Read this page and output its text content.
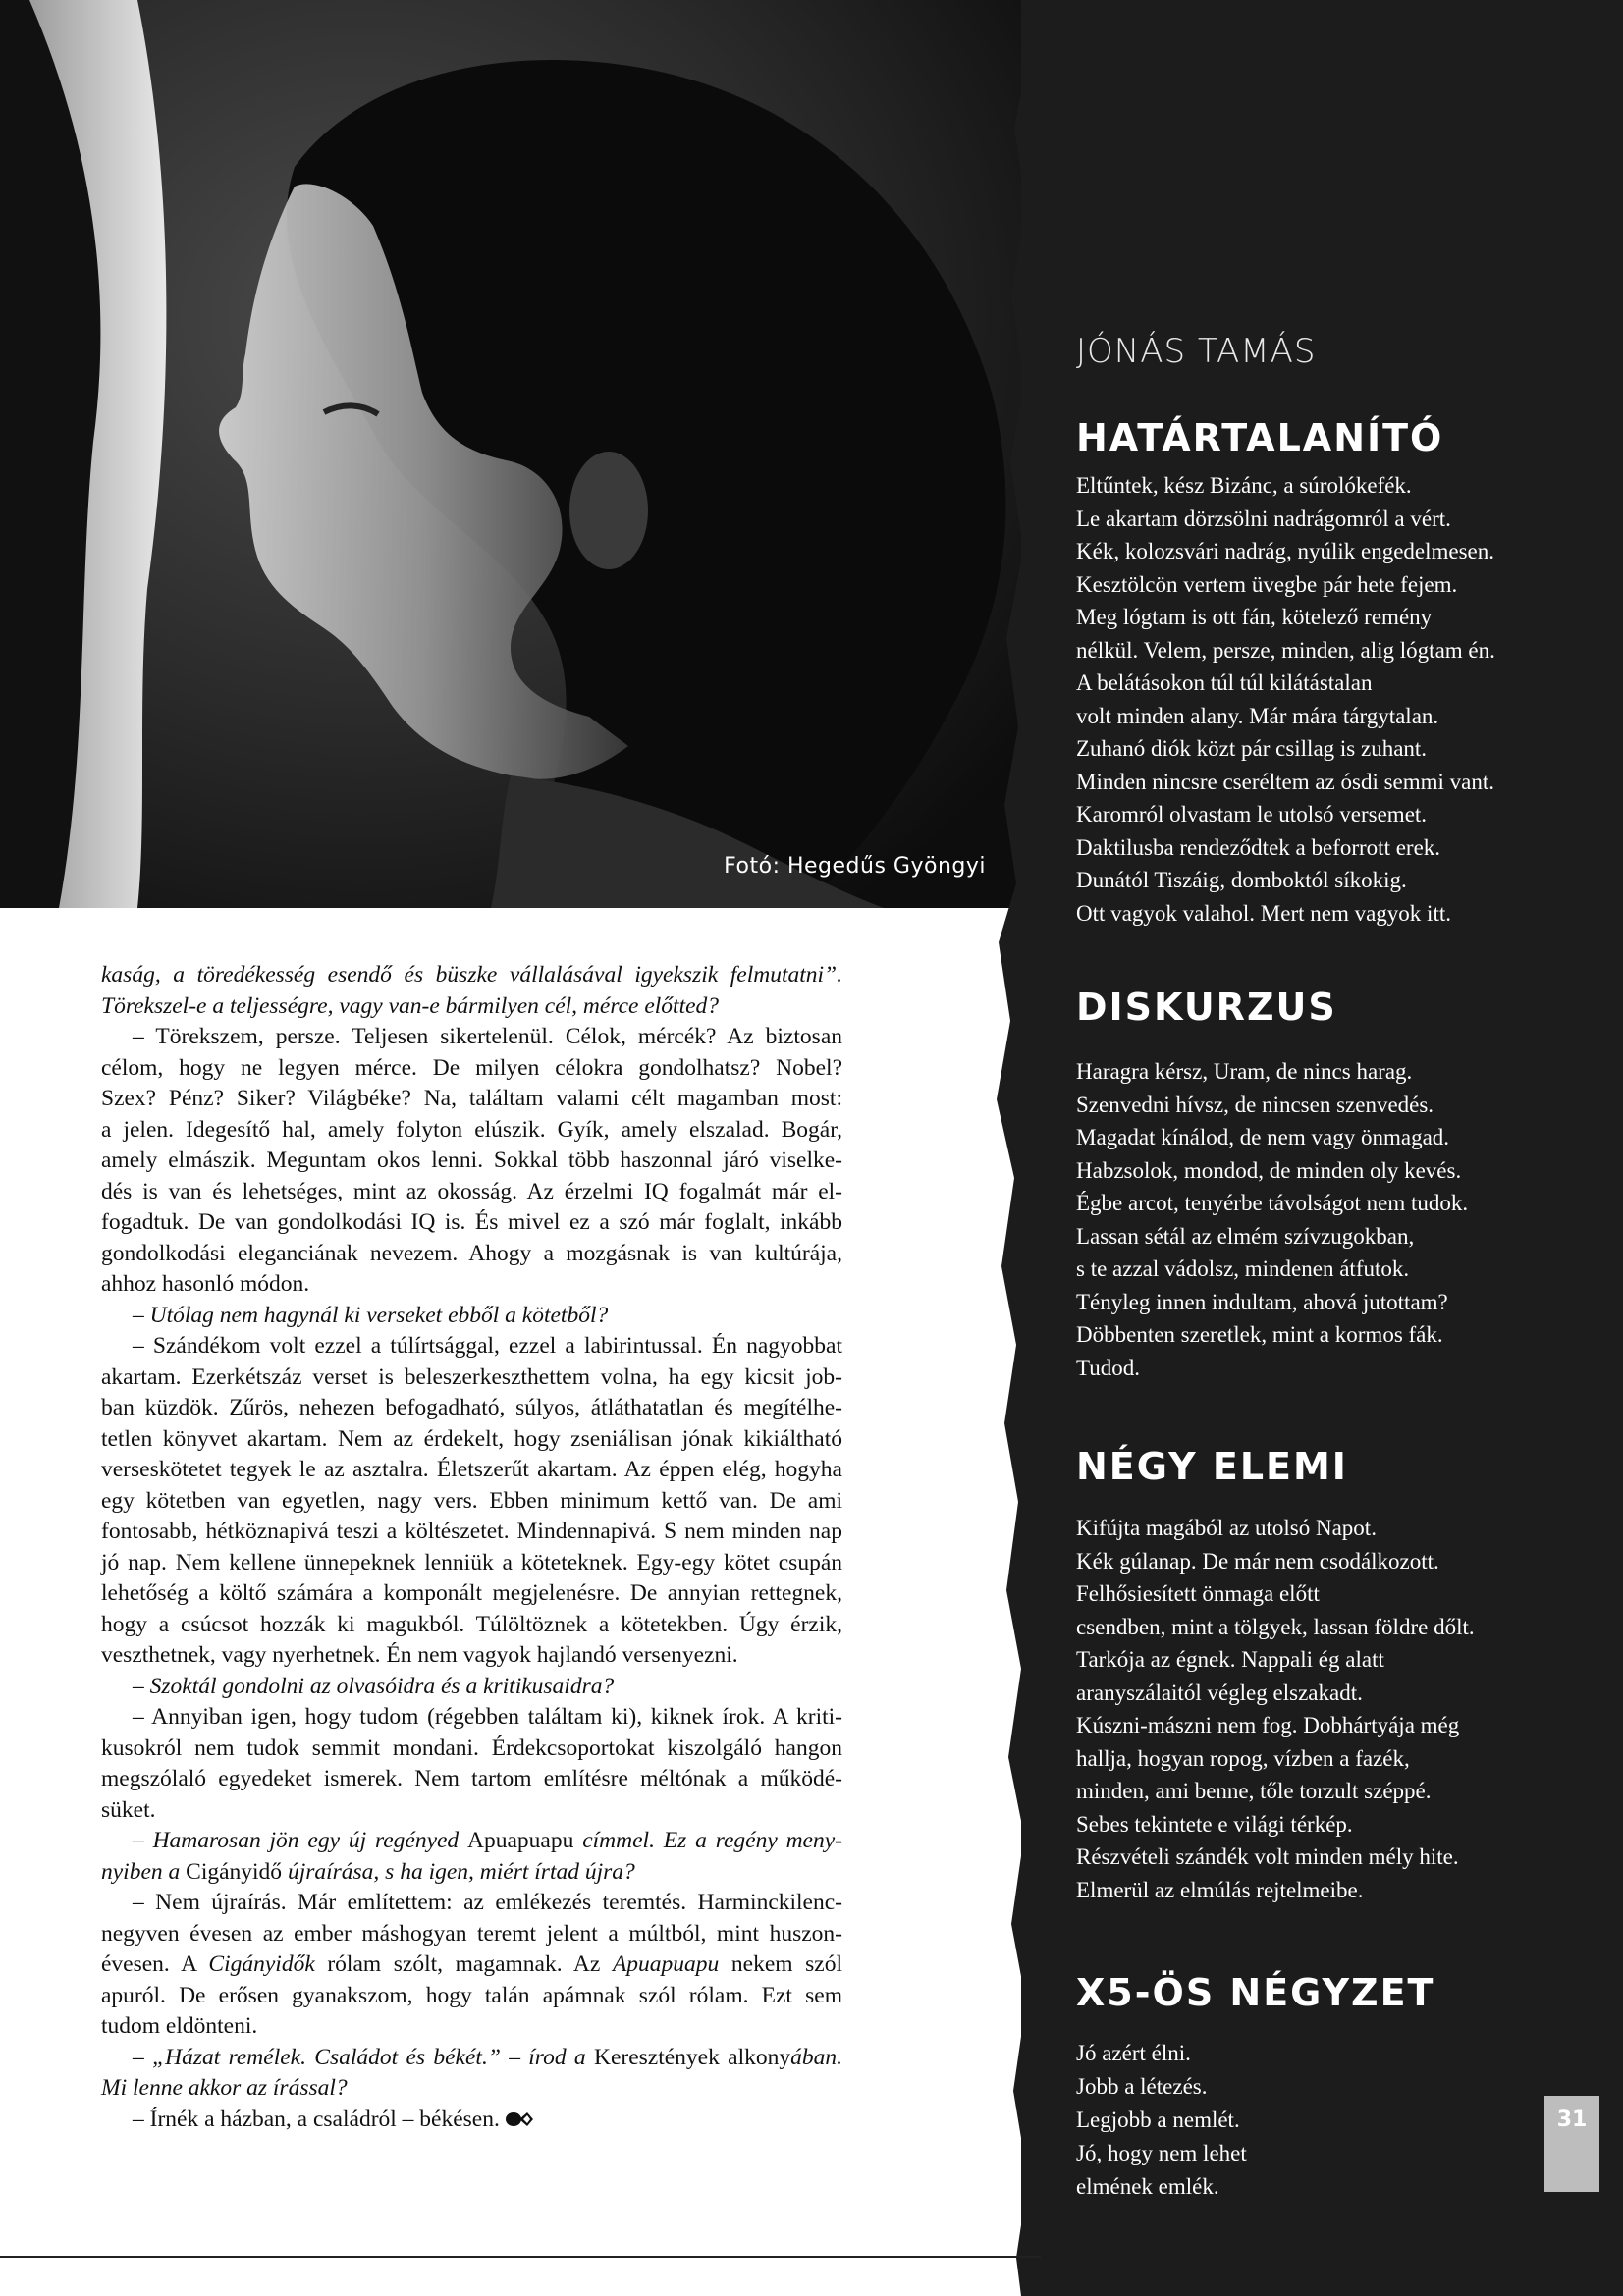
Fotó: Hegedűs Gyöngyi
JÓNÁS TAMÁS
HATÁRTALANÍTÓ
Eltűntek, kész Bizánc, a súrolókefék.
Le akartam dörzsölni nadrágomról a vért.
Kék, kolozsvári nadrág, nyúlik engedelmesen.
Kesztölcön vertem üvegbe pár hete fejem.
Meg lógtam is ott fán, kötelező remény
nélkül. Velem, persze, minden, alig lógtam én.
A belátásokon túl túl kilátástalan
volt minden alany. Már mára tárgytalan.
Zuhanó diók közt pár csillag is zuhant.
Minden nincsre cseréltem az ósdi semmi vant.
Karomról olvastam le utolsó versemet.
Daktilusba rendeződtek a beforrott erek.
Dunától Tiszáig, domboktól síkokig.
Ott vagyok valahol. Mert nem vagyok itt.
DISKURZUS
Haragra kérsz, Uram, de nincs harag.
Szenvedni hívsz, de nincsen szenvedés.
Magadat kínálod, de nem vagy önmagad.
Habzsolok, mondod, de minden oly kevés.
Égbe arcot, tenyérbe távolságot nem tudok.
Lassan sétál az elmém szívzugokban,
s te azzal vádolsz, mindenen átfutok.
Tényleg innen indultam, ahová jutottam?
Döbbenten szeretlek, mint a kormos fák.
Tudod.
NÉGY ELEMI
Kifújta magából az utolsó Napot.
Kék gúlanap. De már nem csodálkozott.
Felhősiesített önmaga előtt
csendben, mint a tölgyek, lassan földre dőlt.
Tarkója az égnek. Nappali ég alatt
aranyszálaitól végleg elszakadt.
Kúszni-mászni nem fog. Dobhártyája még
hallja, hogyan ropog, vízben a fazék,
minden, ami benne, tőle torzult széppé.
Sebes tekintete e világi térkép.
Részvételi szándék volt minden mély hite.
Elmerül az elmúlás rejtelmeibe.
X5-ÖS NÉGYZET
Jó azért élni.
Jobb a létezés.
Legjobb a nemlét.
Jó, hogy nem lehet
elmének emlék.
31
kaság, a töredékesség esendő és büszke vállalásával igyekszik felmutatni”.
Törekszel-e a teljességre, vagy van-e bármilyen cél, mérce előtted?
– Törekszem, persze. Teljesen sikertelenül. Célok, mércék? Az biztosan
célom, hogy ne legyen mérce. De milyen célokra gondolhatsz? Nobel?
Szex? Pénz? Siker? Világbéke? Na, találtam valami célt magamban most:
a jelen. Idegesítő hal, amely folyton elúszik. Gyík, amely elszalad. Bogár,
amely elmászik. Meguntam okos lenni. Sokkal több haszonnal járó viselke-
dés is van és lehetséges, mint az okosság. Az érzelmi IQ fogalmát már el-
fogadtuk. De van gondolkodási IQ is. És mivel ez a szó már foglalt, inkább
gondolkodási eleganciának nevezem. Ahogy a mozgásnak is van kultúrája,
ahhoz hasonló módon.
– Utólag nem hagynál ki verseket ebből a kötetből?
– Szándékom volt ezzel a túlírtsággal, ezzel a labirintussal. Én nagyobbat
akartam. Ezerkétszáz verset is beleszerkeszthettem volna, ha egy kicsit job-
ban küzdök. Zűrös, nehezen befogadható, súlyos, átláthatatlan és megítélhe-
tetlen könyvet akartam. Nem az érdekelt, hogy zseniálisan jónak kikiáltható
verseskötetet tegyek le az asztalra. Életszerűt akartam. Az éppen elég, hogyha
egy kötetben van egyetlen, nagy vers. Ebben minimum kettő van. De ami
fontosabb, hétköznapivá teszi a költészetet. Mindennapivá. S nem minden nap
jó nap. Nem kellene ünnepeknek lenniük a köteteknek. Egy-egy kötet csupán
lehetőség a költő számára a komponált megjelenésre. De annyian rettegnek,
hogy a csúcsot hozzák ki magukból. Túlöltöznek a kötetekben. Úgy érzik,
veszthetnek, vagy nyerhetnek. Én nem vagyok hajlandó versenyezni.
– Szoktál gondolni az olvasóidra és a kritikusaidra?
– Annyiban igen, hogy tudom (régebben találtam ki), kiknek írok. A kriti-
kusokról nem tudok semmit mondani. Érdekcsoportokat kiszolgáló hangon
megszólaló egyedeket ismerek. Nem tartom említésre méltónak a működé-
süket.
– Hamarosan jön egy új regényed Apuapuapu címmel. Ez a regény meny-
nyiben a Cigányidő újraírása, s ha igen, miért írtad újra?
– Nem újraírás. Már említettem: az emlékezés teremtés. Harminckilenc-
negyven évesen az ember máshogyan teremt jelent a múltból, mint huszon-
évesen. A Cigányidők rólam szólt, magamnak. Az Apuapuapu nekem szól
apuról. De erősen gyanakszom, hogy talán apámnak szól rólam. Ezt sem
tudom eldönteni.
– „Házat remélek. Családot és békét.” – írod a Keresztények alkonyában.
Mi lenne akkor az írással?
– Írnék a házban, a családról – békésen.
